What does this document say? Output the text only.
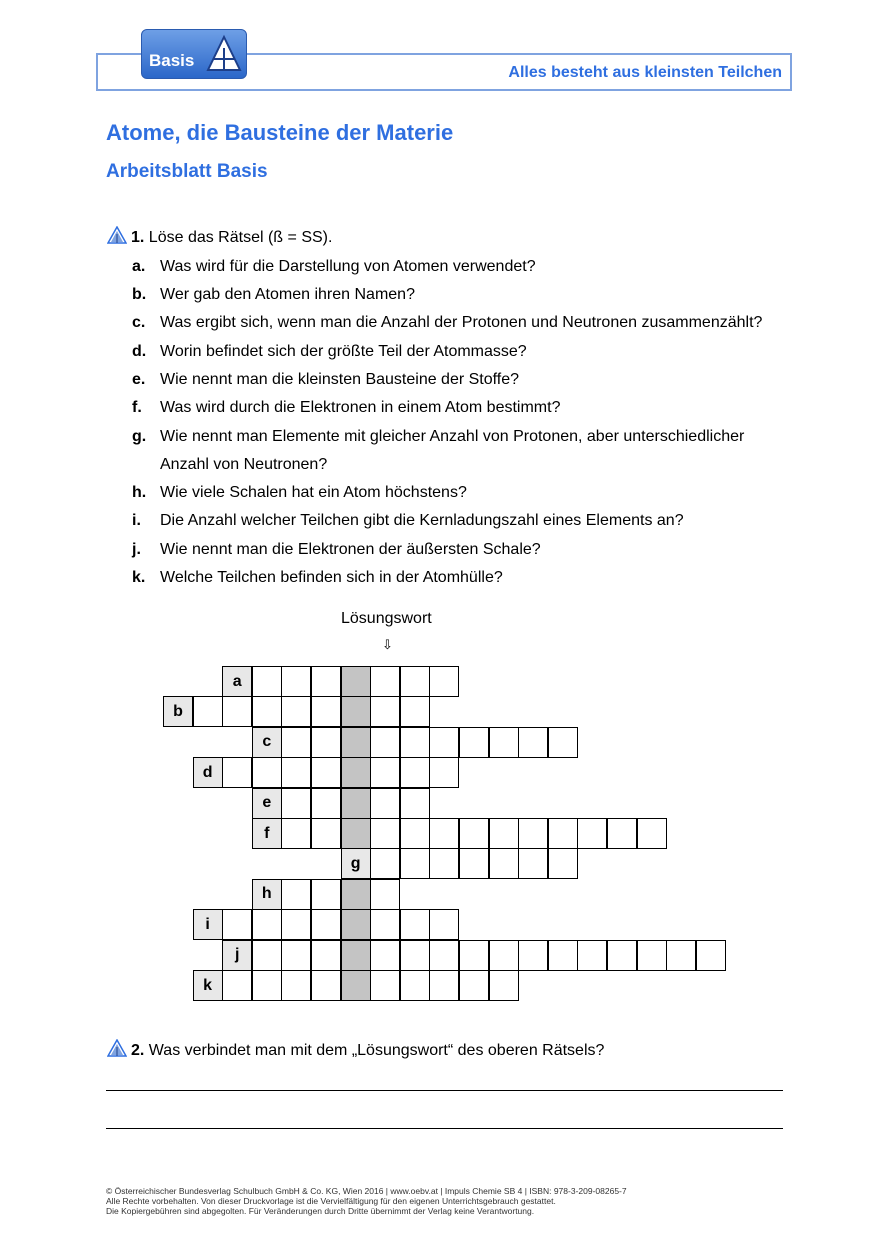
Basis
Alles besteht aus kleinsten Teilchen
Atome, die Bausteine der Materie
Arbeitsblatt Basis
1. Löse das Rätsel (ß = SS).
a. Was wird für die Darstellung von Atomen verwendet?
b. Wer gab den Atomen ihren Namen?
c. Was ergibt sich, wenn man die Anzahl der Protonen und Neutronen zusammenzählt?
d. Worin befindet sich der größte Teil der Atommasse?
e. Wie nennt man die kleinsten Bausteine der Stoffe?
f. Was wird durch die Elektronen in einem Atom bestimmt?
g. Wie nennt man Elemente mit gleicher Anzahl von Protonen, aber unterschiedlicher
Anzahl von Neutronen?
h. Wie viele Schalen hat ein Atom höchstens?
i. Die Anzahl welcher Teilchen gibt die Kernladungszahl eines Elements an?
j. Wie nennt man die Elektronen der äußersten Schale?
k. Welche Teilchen befinden sich in der Atomhülle?
Lösungswort
⇩
a
b
c
d
e
f
g
h
i
j
k
2. Was verbindet man mit dem „Lösungswort“ des oberen Rätsels?
© Österreichischer Bundesverlag Schulbuch GmbH & Co. KG, Wien 2016 | www.oebv.at | Impuls Chemie SB 4 | ISBN: 978-3-209-08265-7
Alle Rechte vorbehalten. Von dieser Druckvorlage ist die Vervielfältigung für den eigenen Unterrichtsgebrauch gestattet.
Die Kopiergebühren sind abgegolten. Für Veränderungen durch Dritte übernimmt der Verlag keine Verantwortung.
